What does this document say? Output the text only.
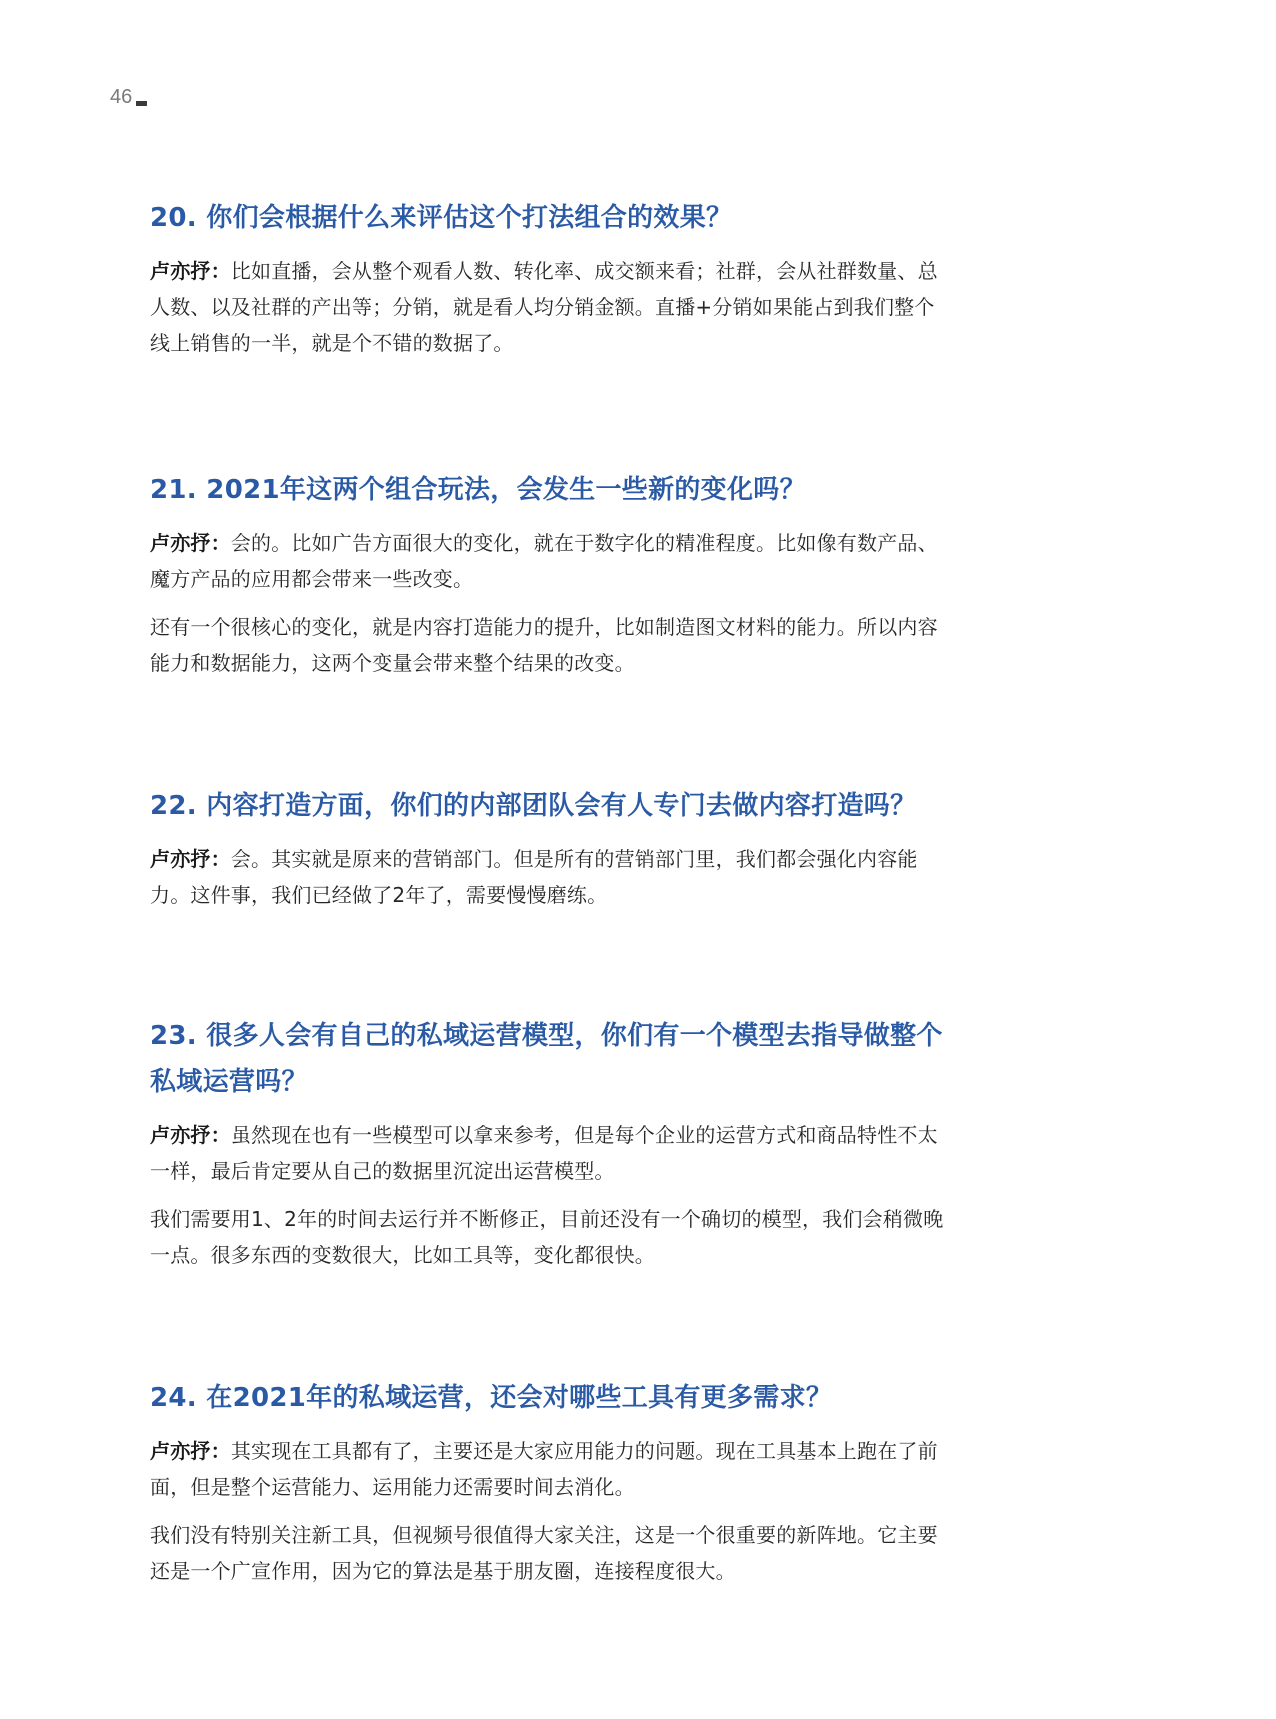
46
20. 你们会根据什么来评估这个打法组合的效果？

卢亦抒：比如直播，会从整个观看人数、转化率、成交额来看；社群，会从社群数量、总人数、以及社群的产出等；分销，就是看人均分销金额。直播+分销如果能占到我们整个线上销售的一半，就是个不错的数据了。

21. 2021年这两个组合玩法，会发生一些新的变化吗？

卢亦抒：会的。比如广告方面很大的变化，就在于数字化的精准程度。比如像有数产品、魔方产品的应用都会带来一些改变。

还有一个很核心的变化，就是内容打造能力的提升，比如制造图文材料的能力。所以内容能力和数据能力，这两个变量会带来整个结果的改变。

22. 内容打造方面，你们的内部团队会有人专门去做内容打造吗？

卢亦抒：会。其实就是原来的营销部门。但是所有的营销部门里，我们都会强化内容能力。这件事，我们已经做了2年了，需要慢慢磨练。

23. 很多人会有自己的私域运营模型，你们有一个模型去指导做整个私域运营吗？

卢亦抒：虽然现在也有一些模型可以拿来参考，但是每个企业的运营方式和商品特性不太一样，最后肯定要从自己的数据里沉淀出运营模型。

我们需要用1、2年的时间去运行并不断修正，目前还没有一个确切的模型，我们会稍微晚一点。很多东西的变数很大，比如工具等，变化都很快。

24. 在2021年的私域运营，还会对哪些工具有更多需求？

卢亦抒：其实现在工具都有了，主要还是大家应用能力的问题。现在工具基本上跑在了前面，但是整个运营能力、运用能力还需要时间去消化。

我们没有特别关注新工具，但视频号很值得大家关注，这是一个很重要的新阵地。它主要还是一个广宣作用，因为它的算法是基于朋友圈，连接程度很大。
